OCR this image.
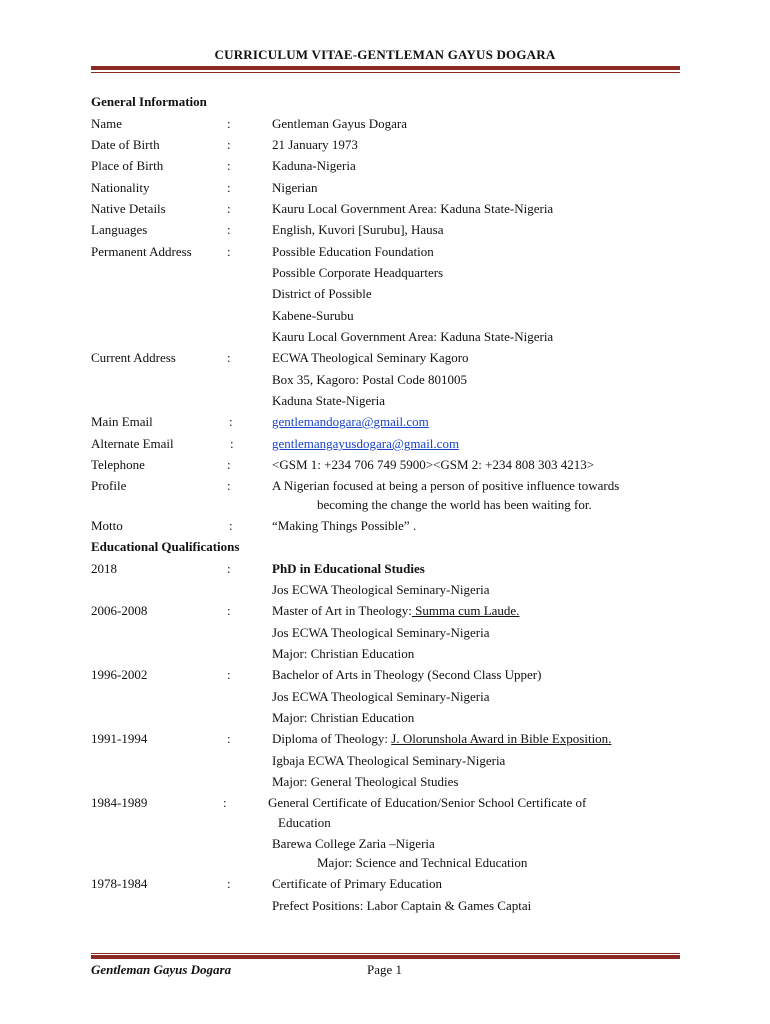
CURRICULUM VITAE-GENTLEMAN GAYUS DOGARA
General Information
Name	:	Gentleman Gayus Dogara
Date of Birth	:	21 January 1973
Place of Birth	:	Kaduna-Nigeria
Nationality	:	Nigerian
Native Details	:	Kauru Local Government Area: Kaduna State-Nigeria
Languages	:	English, Kuvori [Surubu], Hausa
Permanent Address	:	Possible Education Foundation
Possible Corporate Headquarters
District of Possible
Kabene-Surubu
Kauru Local Government Area: Kaduna State-Nigeria
Current Address	:	ECWA Theological Seminary Kagoro
Box 35, Kagoro: Postal Code 801005
Kaduna State-Nigeria
Main Email	:	gentlemandogara@gmail.com
Alternate Email	:	gentlemangayusdogara@gmail.com
Telephone	:	<GSM 1: +234 706 749 5900><GSM 2: +234 808 303 4213>
Profile	:	A Nigerian focused at being a person of positive influence towards
becoming the change the world has been waiting for.
Motto	:	“Making Things Possible” .
Educational Qualifications
2018	:	PhD in Educational Studies
Jos ECWA Theological Seminary-Nigeria
2006-2008	:	Master of Art in Theology: Summa cum Laude.
Jos ECWA Theological Seminary-Nigeria
Major: Christian Education
1996-2002	:	Bachelor of Arts in Theology (Second Class Upper)
Jos ECWA Theological Seminary-Nigeria
Major: Christian Education
1991-1994	:	Diploma of Theology: J. Olorunshola Award in Bible Exposition.
Igbaja ECWA Theological Seminary-Nigeria
Major: General Theological Studies
1984-1989	:	General Certificate of Education/Senior School Certificate of
Education
Barewa College Zaria –Nigeria
Major: Science and Technical Education
1978-1984	:	Certificate of Primary Education
Prefect Positions: Labor Captain & Games Captai
Gentleman Gayus Dogara	Page 1
